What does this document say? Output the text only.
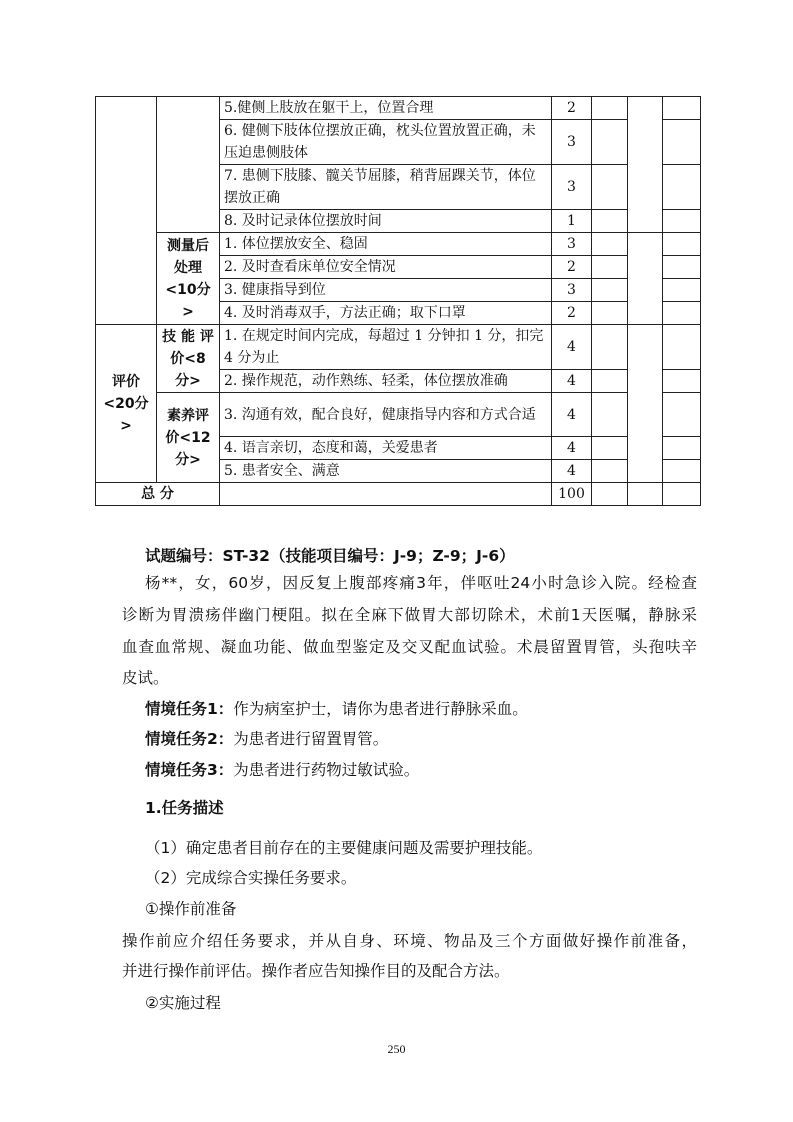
		5.健侧上肢放在躯干上，位置合理	2			
		6. 健侧下肢体位摆放正确，枕头位置放置正确，未压迫患侧肢体	3			
		7. 患侧下肢膝、髋关节屈膝，稍背屈踝关节，体位摆放正确	3			
		8. 及时记录体位摆放时间	1			
	测量后处理<10分>	1. 体位摆放安全、稳固	3			
		2. 及时查看床单位安全情况	2			
		3. 健康指导到位	3			
		4. 及时消毒双手，方法正确；取下口罩	2			
评价<20分>	技 能 评价<8 分>	1. 在规定时间内完成，每超过 1 分钟扣 1 分，扣完 4 分为止	4			
		2. 操作规范，动作熟练、轻柔，体位摆放准确	4			
	素养评价<12分>	3. 沟通有效，配合良好，健康指导内容和方式合适	4			
		4. 语言亲切，态度和蔼，关爱患者	4			
		5. 患者安全、满意	4			
总 分			100			
试题编号：ST-32（技能项目编号：J-9；Z-9；J-6）
杨**，女，60岁，因反复上腹部疼痛3年，伴呕吐24小时急诊入院。经检查
诊断为胃溃疡伴幽门梗阻。拟在全麻下做胃大部切除术，术前1天医嘱，静脉采
血查血常规、凝血功能、做血型鉴定及交叉配血试验。术晨留置胃管，头孢呋辛
皮试。
情境任务1：作为病室护士，请你为患者进行静脉采血。
情境任务2：为患者进行留置胃管。
情境任务3：为患者进行药物过敏试验。
1.任务描述
（1）确定患者目前存在的主要健康问题及需要护理技能。
（2）完成综合实操任务要求。
①操作前准备
操作前应介绍任务要求，并从自身、环境、物品及三个方面做好操作前准备，
并进行操作前评估。操作者应告知操作目的及配合方法。
②实施过程
250
